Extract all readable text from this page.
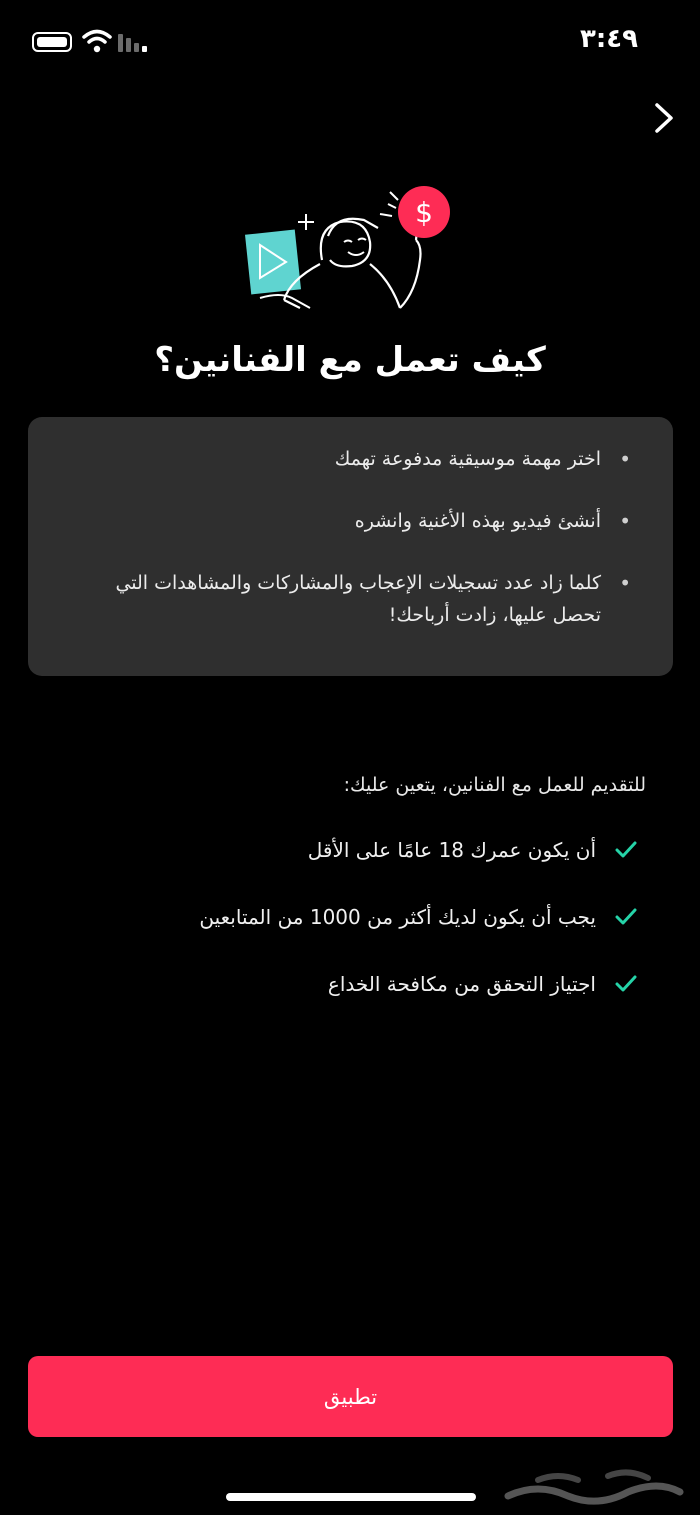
٣:٤٩
$
كيف تعمل مع الفنانين؟
• اختر مهمة موسيقية مدفوعة تهمك
• أنشئ فيديو بهذه الأغنية وانشره
• كلما زاد عدد تسجيلات الإعجاب والمشاركات والمشاهدات التي تحصل عليها، زادت أرباحك!
للتقديم للعمل مع الفنانين، يتعين عليك:
أن يكون عمرك 18 عامًا على الأقل
يجب أن يكون لديك أكثر من 1000 من المتابعين
اجتياز التحقق من مكافحة الخداع
تطبيق
